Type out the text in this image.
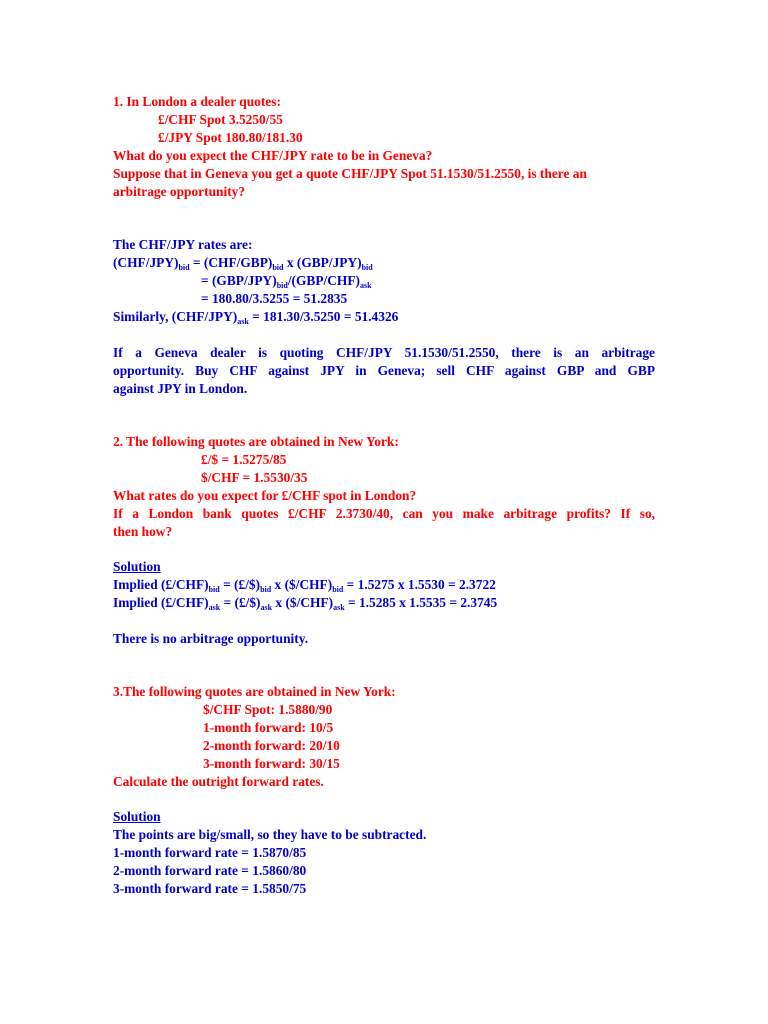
1. In London a dealer quotes:
£/CHF Spot 3.5250/55
£/JPY Spot 180.80/181.30
What do you expect the CHF/JPY rate to be in Geneva?
Suppose that in Geneva you get a quote CHF/JPY Spot 51.1530/51.2550, is there an
arbitrage opportunity?
The CHF/JPY rates are:
$(CHF/JPY)_{bid} = (CHF/GBP)_{bid}$ x $(GBP/JPY)_{bid}$
= $(GBP/JPY)_{bid}/(GBP/CHF)_{ask}$
= 180.80/3.5255 = 51.2835
Similarly, $(CHF/JPY)_{ask} = 181.30/3.5250 = 51.4326$
If a Geneva dealer is quoting CHF/JPY 51.1530/51.2550, there is an arbitrage
opportunity. Buy CHF against JPY in Geneva; sell CHF against GBP and GBP
against JPY in London.
2. The following quotes are obtained in New York:
£/$ = 1.5275/85
$/CHF = 1.5530/35
What rates do you expect for £/CHF spot in London?
If a London bank quotes £/CHF 2.3730/40, can you make arbitrage profits? If so,
then how?
Solution
Implied $(£/CHF)_{bid}$ = $(£/\$)_{bid}$ x $(\$/CHF)_{bid} = 1.5275$ x 1.5530 = 2.3722
Implied $(£/CHF)_{ask}$ = $(£/\$)_{ask}$ x $(\$/CHF)_{ask} = 1.5285$ x 1.5535 = 2.3745
There is no arbitrage opportunity.
3.The following quotes are obtained in New York:
$/CHF Spot: 1.5880/90
1-month forward: 10/5
2-month forward: 20/10
3-month forward: 30/15
Calculate the outright forward rates.
Solution
The points are big/small, so they have to be subtracted.
1-month forward rate = 1.5870/85
2-month forward rate = 1.5860/80
3-month forward rate = 1.5850/75
